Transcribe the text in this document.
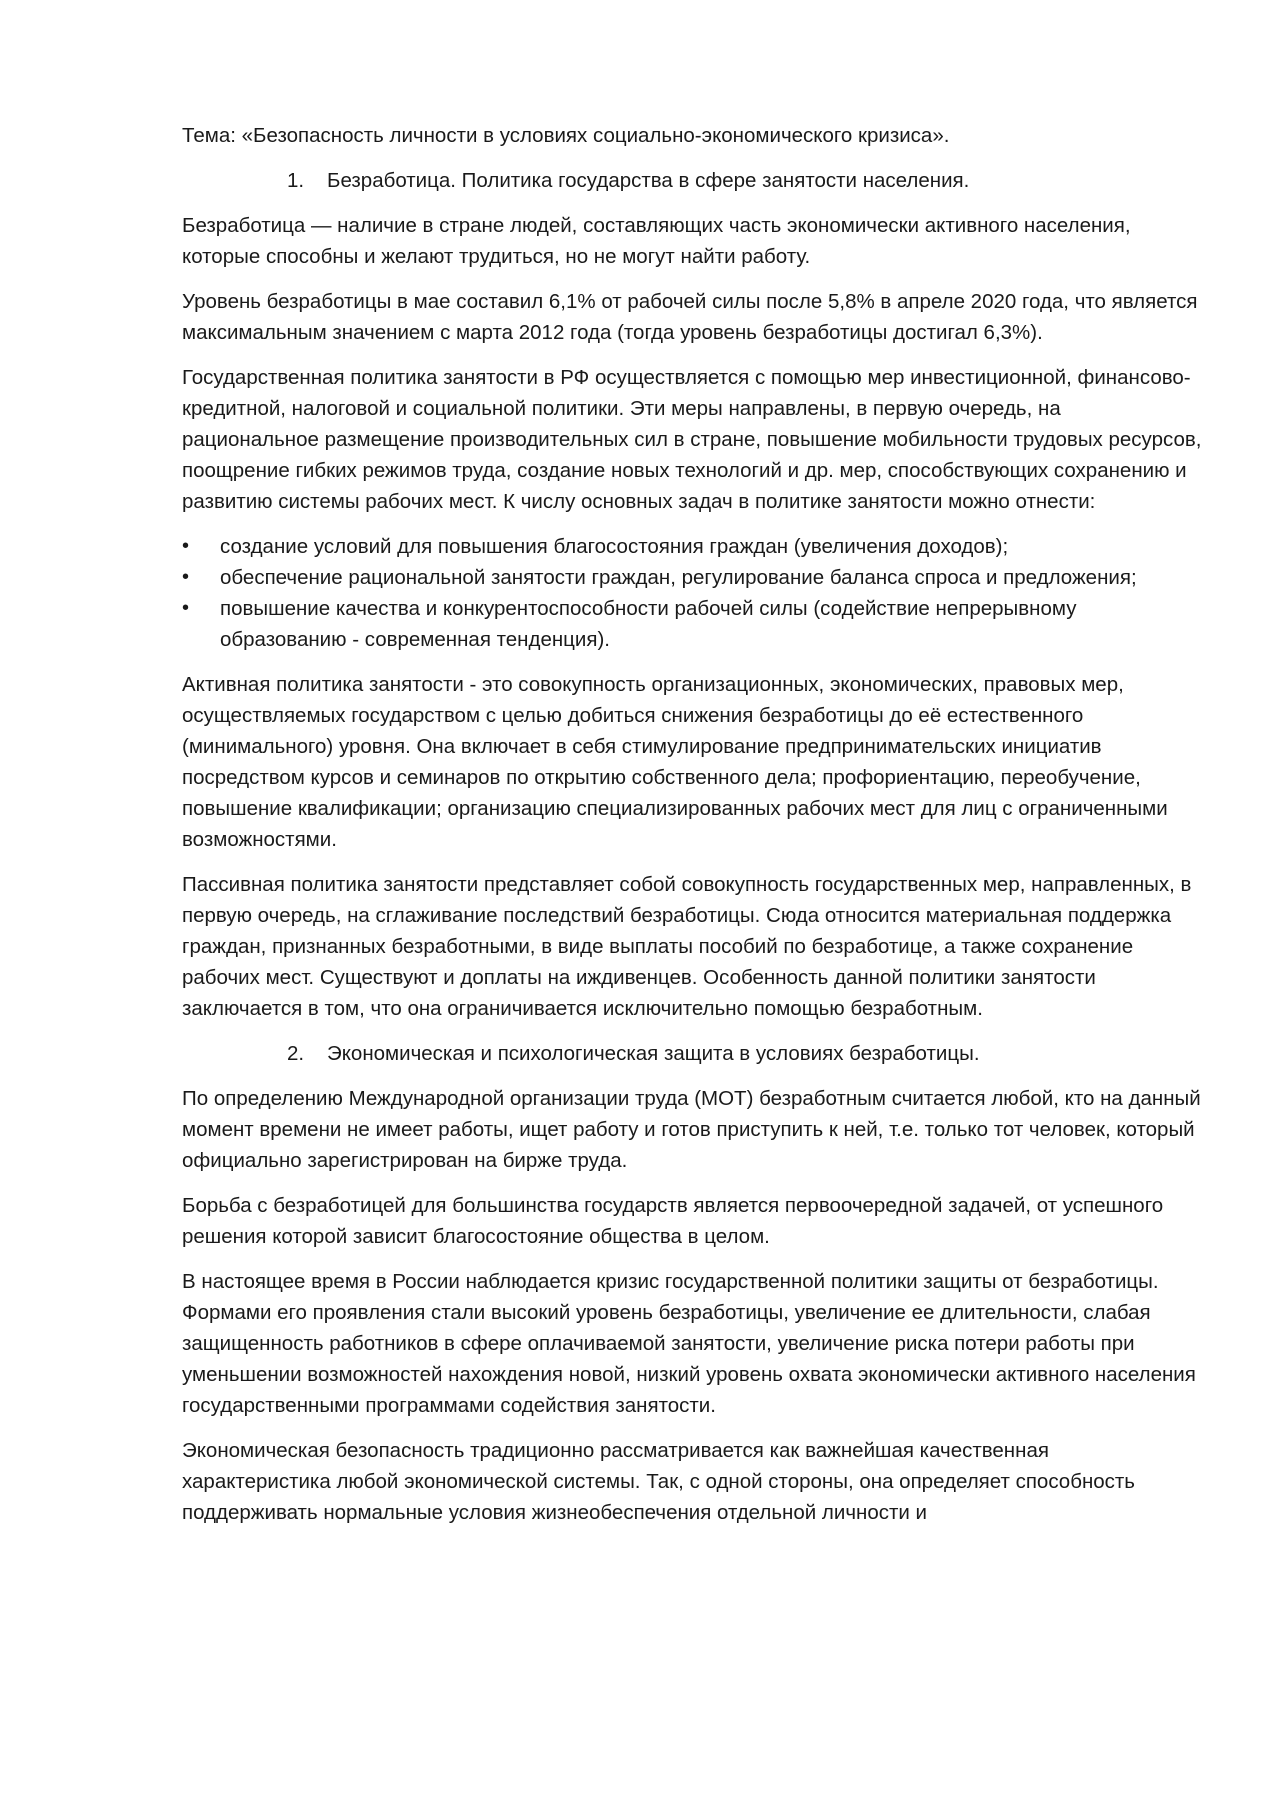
Тема: «Безопасность личности в условиях социально-экономического кризиса».

1. Безработица. Политика государства в сфере занятости населения.

Безработица — наличие в стране людей, составляющих часть экономически активного населения, которые способны и желают трудиться, но не могут найти работу.

Уровень безработицы в мае составил 6,1% от рабочей силы после 5,8% в апреле 2020 года, что является максимальным значением с марта 2012 года (тогда уровень безработицы достигал 6,3%).

Государственная политика занятости в РФ осуществляется с помощью мер инвестиционной, финансово-кредитной, налоговой и социальной политики. Эти меры направлены, в первую очередь, на рациональное размещение производительных сил в стране, повышение мобильности трудовых ресурсов, поощрение гибких режимов труда, создание новых технологий и др. мер, способствующих сохранению и развитию системы рабочих мест. К числу основных задач в политике занятости можно отнести:

• создание условий для повышения благосостояния граждан (увеличения доходов);
• обеспечение рациональной занятости граждан, регулирование баланса спроса и предложения;
• повышение качества и конкурентоспособности рабочей силы (содействие непрерывному образованию - современная тенденция).

Активная политика занятости - это совокупность организационных, экономических, правовых мер, осуществляемых государством с целью добиться снижения безработицы до её естественного (минимального) уровня. Она включает в себя стимулирование предпринимательских инициатив посредством курсов и семинаров по открытию собственного дела; профориентацию, переобучение, повышение квалификации; организацию специализированных рабочих мест для лиц с ограниченными возможностями.

Пассивная политика занятости представляет собой совокупность государственных мер, направленных, в первую очередь, на сглаживание последствий безработицы. Сюда относится материальная поддержка граждан, признанных безработными, в виде выплаты пособий по безработице, а также сохранение рабочих мест. Существуют и доплаты на иждивенцев. Особенность данной политики занятости заключается в том, что она ограничивается исключительно помощью безработным.

2. Экономическая и психологическая защита в условиях безработицы.

По определению Международной организации труда (МОТ) безработным считается любой, кто на данный момент времени не имеет работы, ищет работу и готов приступить к ней, т.е. только тот человек, который официально зарегистрирован на бирже труда.

Борьба с безработицей для большинства государств является первоочередной задачей, от успешного решения которой зависит благосостояние общества в целом.

В настоящее время в России наблюдается кризис государственной политики защиты от безработицы. Формами его проявления стали высокий уровень безработицы, увеличение ее длительности, слабая защищенность работников в сфере оплачиваемой занятости, увеличение риска потери работы при уменьшении возможностей нахождения новой, низкий уровень охвата экономически активного населения государственными программами содействия занятости.

Экономическая безопасность традиционно рассматривается как важнейшая качественная характеристика любой экономической системы. Так, с одной стороны, она определяет способность поддерживать нормальные условия жизнеобеспечения отдельной личности и
